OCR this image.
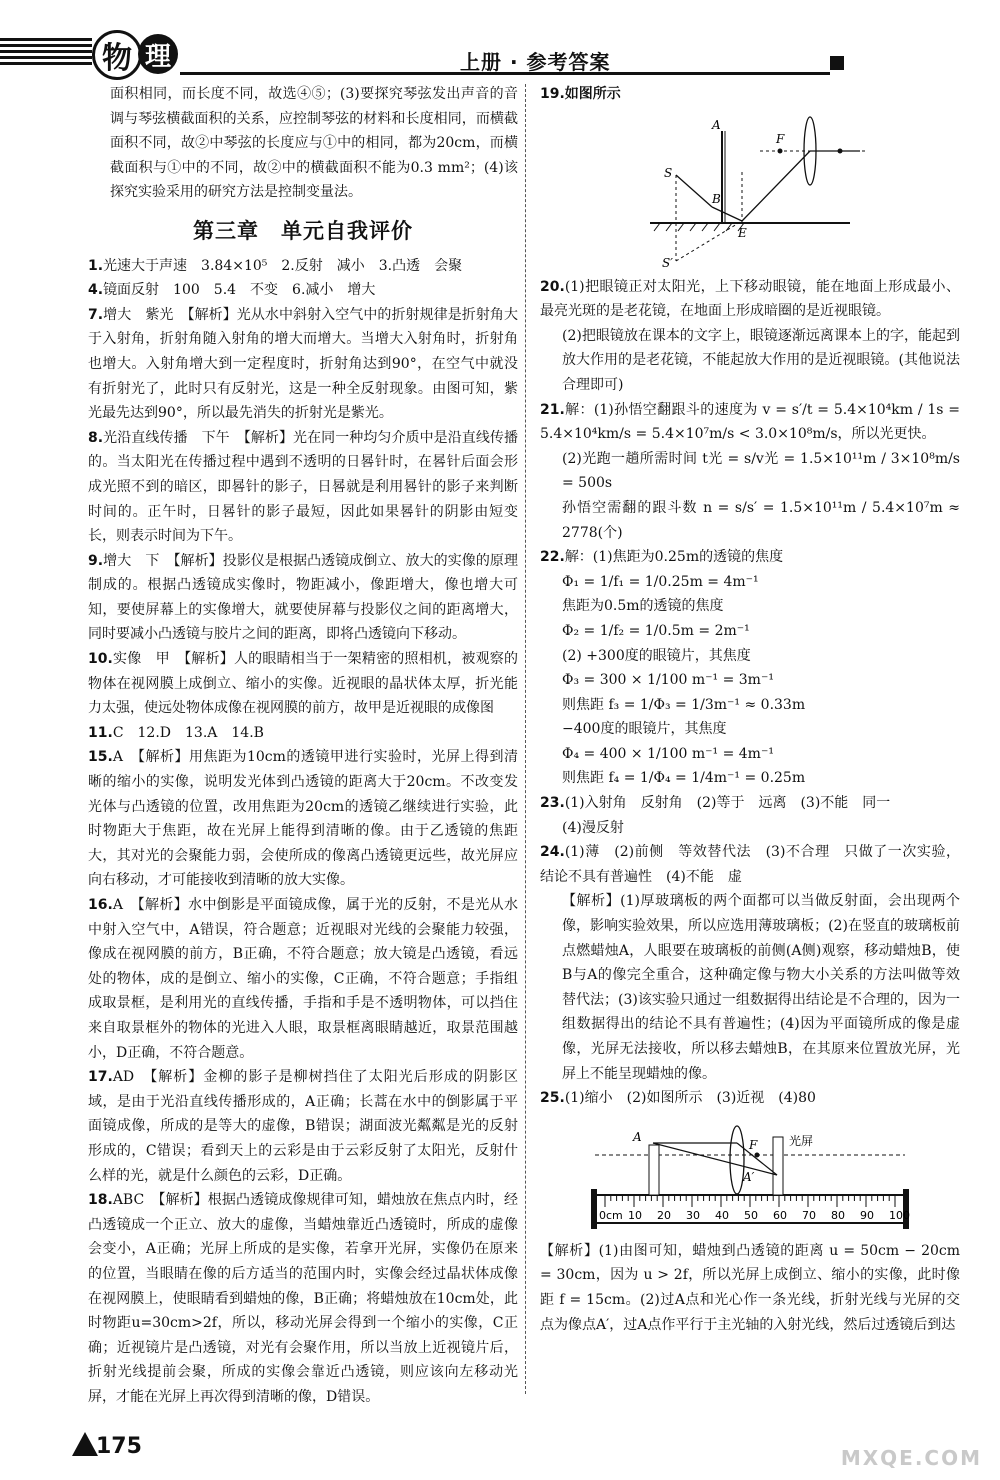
物 理	上册 · 参考答案

面积相同，而长度不同，故选④⑤；(3)要探究琴弦发出声音的音调与琴弦横截面积的关系，应控制琴弦的材料和长度相同，而横截面积不同，故②中琴弦的长度应与①中的相同，都为20cm，而横截面积与①中的不同，故②中的横截面积不能为0.3 mm²；(4)该探究实验采用的研究方法是控制变量法。

第三章　单元自我评价

1.光速大于声速　3.84×10⁵　2.反射　减小　3.凸透　会聚

4.镜面反射　100　5.4　不变　6.减小　增大

7.增大　紫光　【解析】光从水中斜射入空气中的折射规律是折射角大于入射角，折射角随入射角的增大而增大。当增大入射角时，折射角也增大。入射角增大到一定程度时，折射角达到90°，在空气中就没有折射光了，此时只有反射光，这是一种全反射现象。由图可知，紫光最先达到90°，所以最先消失的折射光是紫光。

8.光沿直线传播　下午　【解析】光在同一种均匀介质中是沿直线传播的。当太阳光在传播过程中遇到不透明的日晷针时，在晷针后面会形成光照不到的暗区，即晷针的影子，日晷就是利用晷针的影子来判断时间的。正午时，日晷针的影子最短，因此如果晷针的阴影由短变长，则表示时间为下午。

9.增大　下　【解析】投影仪是根据凸透镜成倒立、放大的实像的原理制成的。根据凸透镜成实像时，物距减小，像距增大，像也增大可知，要使屏幕上的实像增大，就要使屏幕与投影仪之间的距离增大，同时要减小凸透镜与胶片之间的距离，即将凸透镜向下移动。

10.实像　甲　【解析】人的眼睛相当于一架精密的照相机，被观察的物体在视网膜上成倒立、缩小的实像。近视眼的晶状体太厚，折光能力太强，使远处物体成像在视网膜的前方，故甲是近视眼的成像图

11.C　12.D　13.A　14.B

15.A　【解析】用焦距为10cm的透镜甲进行实验时，光屏上得到清晰的缩小的实像，说明发光体到凸透镜的距离大于20cm。不改变发光体与凸透镜的位置，改用焦距为20cm的透镜乙继续进行实验，此时物距大于焦距，故在光屏上能得到清晰的像。由于乙透镜的焦距大，其对光的会聚能力弱，会使所成的像离凸透镜更远些，故光屏应向右移动，才可能接收到清晰的放大实像。

16.A　【解析】水中倒影是平面镜成像，属于光的反射，不是光从水中射入空气中，A错误，符合题意；近视眼对光线的会聚能力较强，像成在视网膜的前方，B正确，不符合题意；放大镜是凸透镜，看远处的物体，成的是倒立、缩小的实像，C正确，不符合题意；手指组成取景框，是利用光的直线传播，手指和手是不透明物体，可以挡住来自取景框外的物体的光进入人眼，取景框离眼睛越近，取景范围越小，D正确，不符合题意。

17.AD　【解析】金柳的影子是柳树挡住了太阳光后形成的阴影区域，是由于光沿直线传播形成的，A正确；长蒿在水中的倒影属于平面镜成像，所成的是等大的虚像，B错误；湖面波光粼粼是光的反射形成的，C错误；看到天上的云彩是由于云彩反射了太阳光，反射什么样的光，就是什么颜色的云彩，D正确。

18.ABC　【解析】根据凸透镜成像规律可知，蜡烛放在焦点内时，经凸透镜成一个正立、放大的虚像，当蜡烛靠近凸透镜时，所成的虚像会变小，A正确；光屏上所成的是实像，若拿开光屏，实像仍在原来的位置，当眼睛在像的后方适当的范围内时，实像会经过晶状体成像在视网膜上，使眼睛看到蜡烛的像，B正确；将蜡烛放在10cm处，此时物距u=30cm>2f，所以，移动光屏会得到一个缩小的实像，C正确；近视镜片是凸透镜，对光有会聚作用，所以当放上近视镜片后，折射光线提前会聚，所成的实像会靠近凸透镜，则应该向左移动光屏，才能在光屏上再次得到清晰的像，D错误。

19.如图所示

A
S
B
F
E
S′

20.(1)把眼镜正对太阳光，上下移动眼镜，能在地面上形成最小、最亮光斑的是老花镜，在地面上形成暗圈的是近视眼镜。

(2)把眼镜放在课本的文字上，眼镜逐渐远离课本上的字，能起到放大作用的是老花镜，不能起放大作用的是近视眼镜。(其他说法合理即可)

21.解：(1)孙悟空翻跟斗的速度为 v = s′/t = 5.4×10⁴km / 1s = 5.4×10⁴km/s = 5.4×10⁷m/s < 3.0×10⁸m/s，所以光更快。

(2)光跑一趟所需时间 t光 = s/v光 = 1.5×10¹¹m / 3×10⁸m/s = 500s

孙悟空需翻的跟斗数 n = s/s′ = 1.5×10¹¹m / 5.4×10⁷m ≈ 2778(个)

22.解：(1)焦距为0.25m的透镜的焦度

Φ₁ = 1/f₁ = 1/0.25m = 4m⁻¹

焦距为0.5m的透镜的焦度

Φ₂ = 1/f₂ = 1/0.5m = 2m⁻¹

(2) +300度的眼镜片，其焦度

Φ₃ = 300 × 1/100 m⁻¹ = 3m⁻¹

则焦距 f₃ = 1/Φ₃ = 1/3m⁻¹ ≈ 0.33m

−400度的眼镜片，其焦度

Φ₄ = 400 × 1/100 m⁻¹ = 4m⁻¹

则焦距 f₄ = 1/Φ₄ = 1/4m⁻¹ = 0.25m

23.(1)入射角　反射角　(2)等于　远离　(3)不能　同一

(4)漫反射

24.(1)薄　(2)前侧　等效替代法　(3)不合理　只做了一次实验，结论不具有普遍性　(4)不能　虚

【解析】(1)厚玻璃板的两个面都可以当做反射面，会出现两个像，影响实验效果，所以应选用薄玻璃板；(2)在竖直的玻璃板前点燃蜡烛A，人眼要在玻璃板的前侧(A侧)观察，移动蜡烛B，使B与A的像完全重合，这种确定像与物大小关系的方法叫做等效替代法；(3)该实验只通过一组数据得出结论是不合理的，因为一组数据得出的结论不具有普遍性；(4)因为平面镜所成的像是虚像，光屏无法接收，所以移去蜡烛B，在其原来位置放光屏，光屏上不能呈现蜡烛的像。

25.(1)缩小　(2)如图所示　(3)近视　(4)80

A
F
A′
光屏
0cm 10 20 30 40 50 60 70 80 90 100

【解析】(1)由图可知，蜡烛到凸透镜的距离 u = 50cm − 20cm = 30cm，因为 u > 2f，所以光屏上成倒立、缩小的实像，此时像距 f = 15cm。(2)过A点和光心作一条光线，折射光线与光屏的交点为像点A′，过A点作平行于主光轴的入射光线，然后过透镜后到达

175	MXQE.COM
